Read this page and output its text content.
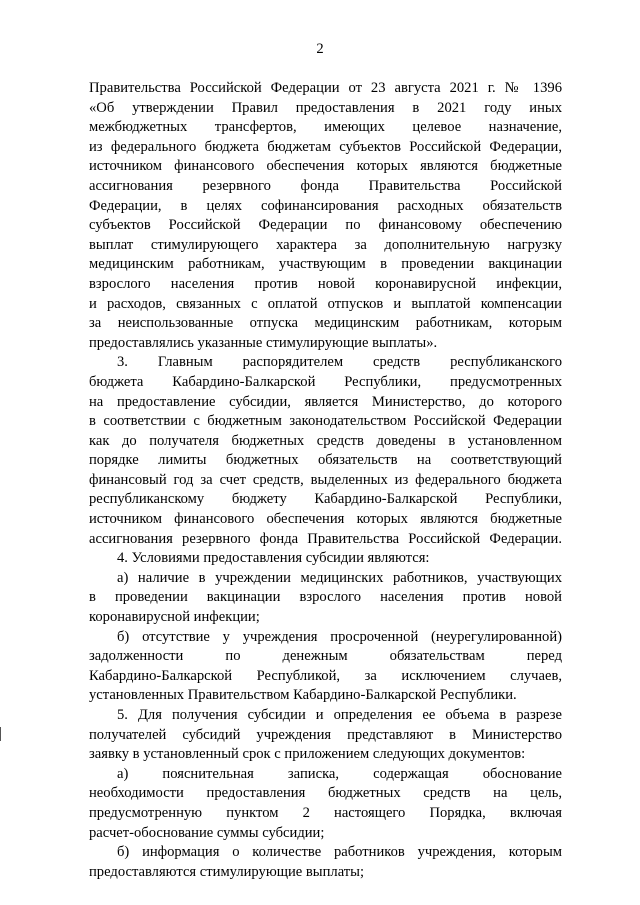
2
Правительства Российской Федерации от 23 августа 2021 г. № 1396
«Об утверждении Правил предоставления в 2021 году иных
межбюджетных трансфертов, имеющих целевое назначение,
из федерального бюджета бюджетам субъектов Российской Федерации,
источником финансового обеспечения которых являются бюджетные
ассигнования резервного фонда Правительства Российской
Федерации, в целях софинансирования расходных обязательств
субъектов Российской Федерации по финансовому обеспечению
выплат стимулирующего характера за дополнительную нагрузку
медицинским работникам, участвующим в проведении вакцинации
взрослого населения против новой коронавирусной инфекции,
и расходов, связанных с оплатой отпусков и выплатой компенсации
за неиспользованные отпуска медицинским работникам, которым
предоставлялись указанные стимулирующие выплаты».
3. Главным распорядителем средств республиканского
бюджета Кабардино-Балкарской Республики, предусмотренных
на предоставление субсидии, является Министерство, до которого
в соответствии с бюджетным законодательством Российской Федерации
как до получателя бюджетных средств доведены в установленном
порядке лимиты бюджетных обязательств на соответствующий
финансовый год за счет средств, выделенных из федерального бюджета
республиканскому бюджету Кабардино-Балкарской Республики,
источником финансового обеспечения которых являются бюджетные
ассигнования резервного фонда Правительства Российской Федерации.
4. Условиями предоставления субсидии являются:
а) наличие в учреждении медицинских работников, участвующих
в проведении вакцинации взрослого населения против новой
коронавирусной инфекции;
б) отсутствие у учреждения просроченной (неурегулированной)
задолженности по денежным обязательствам перед
Кабардино-Балкарской Республикой, за исключением случаев,
установленных Правительством Кабардино-Балкарской Республики.
5. Для получения субсидии и определения ее объема в разрезе
получателей субсидий учреждения представляют в Министерство
заявку в установленный срок с приложением следующих документов:
а) пояснительная записка, содержащая обоснование
необходимости предоставления бюджетных средств на цель,
предусмотренную пунктом 2 настоящего Порядка, включая
расчет-обоснование суммы субсидии;
б) информация о количестве работников учреждения, которым
предоставляются стимулирующие выплаты;
